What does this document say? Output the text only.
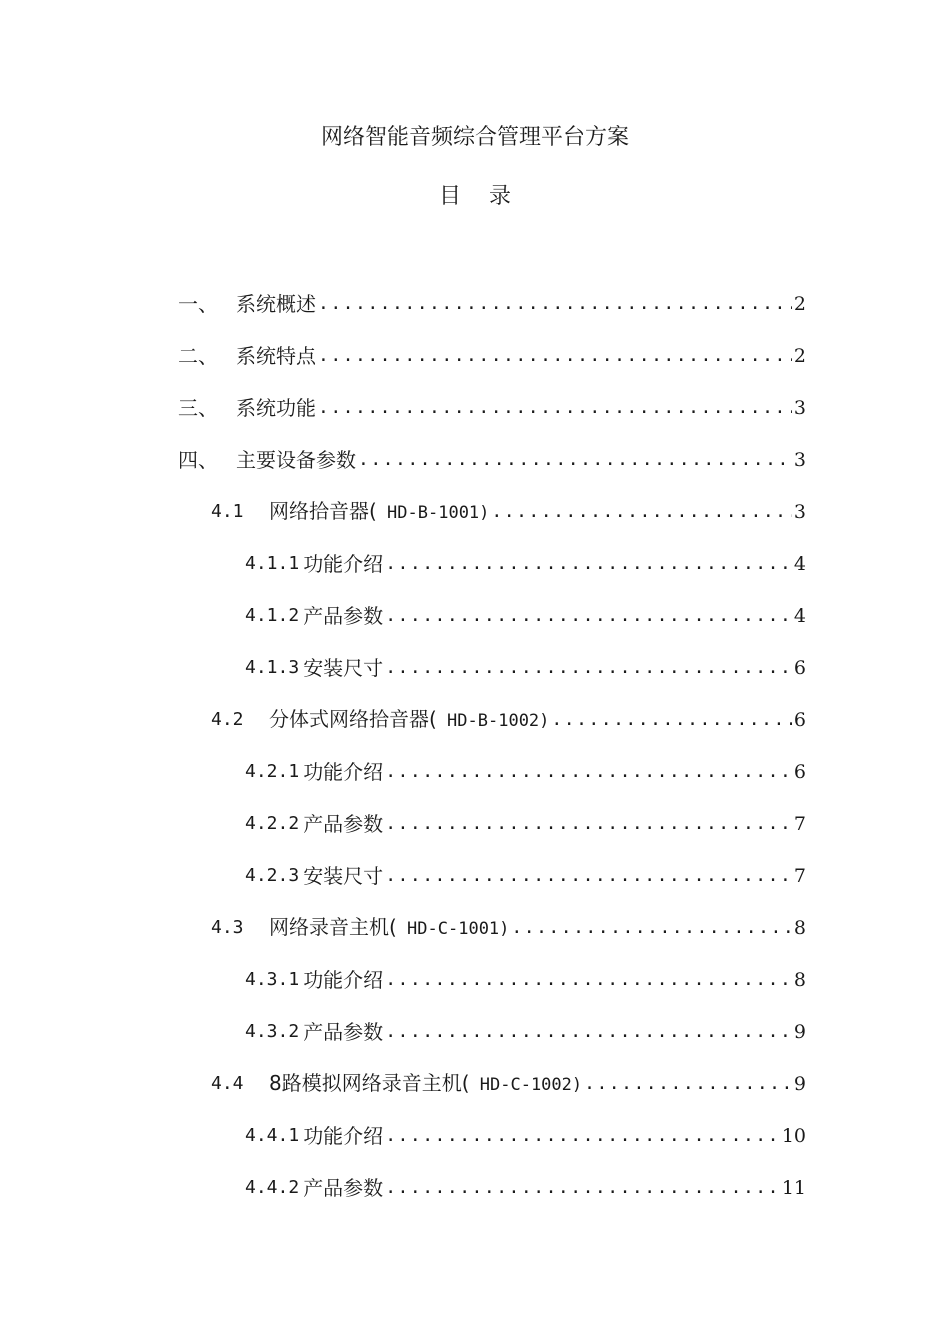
网络智能音频综合管理平台方案
目录
一、 系统概述 .....	2
二、 系统特点 .....	2
三、 系统功能 .....	3
四、 主要设备参数 .....	3
4.1	网络拾音器( HD-B-1001) .....	3
4.1.1 功能介绍 .....	4
4.1.2 产品参数 .....	4
4.1.3 安装尺寸 .....	6
4.2	分体式网络拾音器( HD-B-1002) .....	6
4.2.1 功能介绍 .....	6
4.2.2 产品参数 .....	7
4.2.3 安装尺寸 .....	7
4.3	网络录音主机( HD-C-1001) .....	8
4.3.1 功能介绍 .....	8
4.3.2 产品参数 .....	9
4.4	8路模拟网络录音主机( HD-C-1002) .....	9
4.4.1 功能介绍 .....	10
4.4.2 产品参数 .....	11
